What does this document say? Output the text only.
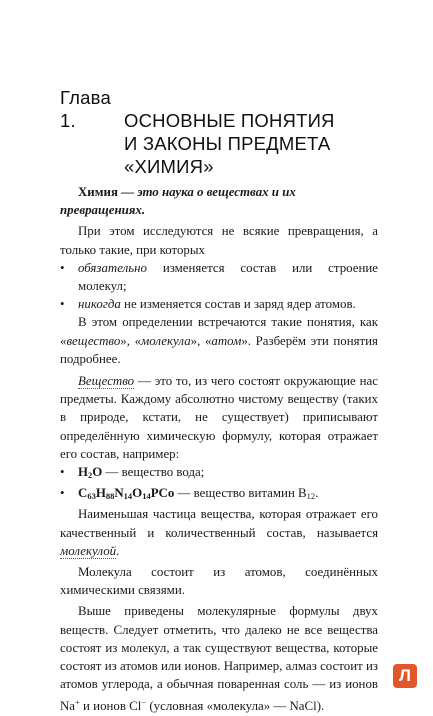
Глава 1.	ОСНОВНЫЕ ПОНЯТИЯ
И ЗАКОНЫ ПРЕДМЕТА
«ХИМИЯ»

Химия — это наука о веществах и их превращениях.

При этом исследуются не всякие превращения, а только такие, при которых

•	обязательно изменяется состав или строение молекул;
•	никогда не изменяется состав и заряд ядер атомов.

В этом определении встречаются такие понятия, как «вещество», «молекула», «атом». Разберём эти понятия подробнее.

Вещество — это то, из чего состоят окружающие нас предметы. Каждому абсолютно чистому веществу (таких в природе, кстати, не существует) приписывают определённую химическую формулу, которая отражает его состав, например:

•	$H_2O$ — вещество вода;
•	$C_{63}H_{88}N_{14}O_{14}PCo$ — вещество витамин $B_{12}$.

Наименьшая частица вещества, которая отражает его качественный и количественный состав, называется молекулой.

Молекула состоит из атомов, соединённых химическими связями.

Выше приведены молекулярные формулы двух веществ. Следует отметить, что далеко не все вещества состоят из молекул, а так существуют вещества, которые состоят из атомов или ионов. Например, алмаз состоит из атомов углерода, а обычная поваренная соль — из ионов Na+ и ионов Cl− (условная «молекула» — NaCl).

Л
